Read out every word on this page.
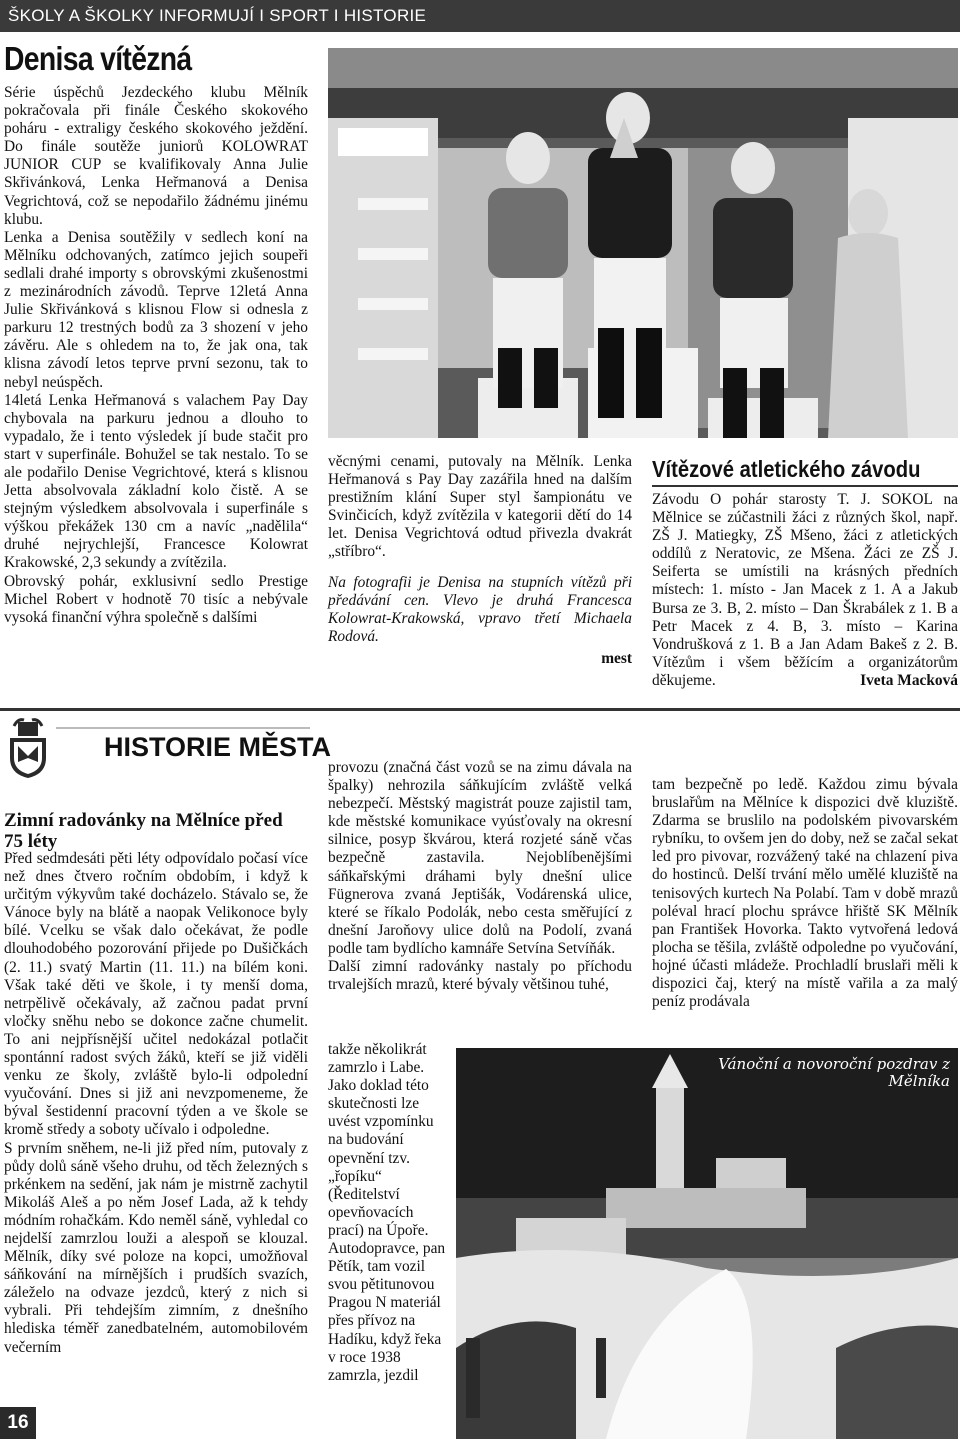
ŠKOLY A ŠKOLKY INFORMUJÍ I SPORT I HISTORIE
Denisa vítězná

Série úspěchů Jezdeckého klubu Mělník pokračovala při finále Českého skokového poháru - extraligy českého skokového ježdění. Do finále soutěže juniorů KOLOWRAT JUNIOR CUP se kvalifikovaly Anna Julie Skřivánková, Lenka Heřmanová a Denisa Vegrichtová, což se nepodařilo žádnému jinému klubu.

Lenka a Denisa soutěžily v sedlech koní na Mělníku odchovaných, zatímco jejich soupeři sedlali drahé importy s obrovskými zkušenostmi z mezinárodních závodů. Teprve 12letá Anna Julie Skřivánková s klisnou Flow si odnesla z parkuru 12 trestných bodů za 3 shození v jeho závěru. Ale s ohledem na to, že jak ona, tak klisna závodí letos teprve první sezonu, tak to nebyl neúspěch.

14letá Lenka Heřmanová s valachem Pay Day chybovala na parkuru jednou a dlouho to vypadalo, že i tento výsledek jí bude stačit pro start v superfinále. Bohužel se tak nestalo. To se ale podařilo Denise Vegrichtové, která s klisnou Jetta absolvovala základní kolo čistě. A se stejným výsledkem absolvovala i superfinále s výškou překážek 130 cm a navíc „nadělila“ druhé nejrychlejší, Francesce Kolowrat Krakowské, 2,3 sekundy a zvítězila.

Obrovský pohár, exklusivní sedlo Prestige Michel Robert v hodnotě 70 tisíc a nebývale vysoká finanční výhra společně s dalšími

věcnými cenami, putovaly na Mělník. Lenka Heřmanová s Pay Day zazářila hned na dalším prestižním klání Super styl šampionátu ve Svinčicích, když zvítězila v kategorii dětí do 14 let. Denisa Vegrichtová odtud přivezla dvakrát „stříbro“.

Na fotografii je Denisa na stupních vítězů při předávání cen. Vlevo je druhá Francesca Kolowrat-Krakowská, vpravo třetí Michaela Rodová.

mest

Vítězové atletického závodu

Závodu O pohár starosty T. J. SOKOL na Mělnice se zúčastnili žáci z různých škol, např. ZŠ J. Matiegky, ZŠ Mšeno, žáci z atletických oddílů z Neratovic, ze Mšena. Žáci ze ZŠ J. Seiferta se umístili na krásných předních místech: 1. místo - Jan Macek z 1. A a Jakub Bursa ze 3. B, 2. místo – Dan Škrabálek z 1. B a Petr Macek z 4. B, 3. místo – Karina Vondrušková z 1. B a Jan Adam Bakeš z 2. B. Vítězům i všem běžícím a organizátorům děkujeme.	Iveta Macková

HISTORIE MĚSTA
Zimní radovánky na Mělníce před 75 léty

Před sedmdesáti pěti léty odpovídalo počasí více než dnes čtvero ročním obdobím, i když k určitým výkyvům také docházelo. Stávalo se, že Vánoce byly na blátě a naopak Velikonoce byly bílé. Vcelku se však dalo očekávat, že podle dlouhodobého pozorování přijede po Dušičkách (2. 11.) svatý Martin (11. 11.) na bílém koni. Však také děti ve škole, i ty menší doma, netrpělivě očekávaly, až začnou padat první vločky sněhu nebo se dokonce začne chumelit. To ani nejpřísnější učitel nedokázal potlačit spontánní radost svých žáků, kteří se již viděli venku ze školy, zvláště bylo-li odpolední vyučování. Dnes si již ani nevzpomeneme, že býval šestidenní pracovní týden a ve škole se kromě středy a soboty učívalo i odpoledne.

S prvním sněhem, ne-li již před ním, putovaly z půdy dolů sáně všeho druhu, od těch železných s prkénkem na sedění, jak nám je mistrně zachytil Mikoláš Aleš a po něm Josef Lada, až k tehdy módním rohačkám. Kdo neměl sáně, vyhledal co nejdelší zamrzlou louži a alespoň se klouzal. Mělník, díky své poloze na kopci, umožňoval sáňkování na mírnějších i prudších svazích, záleželo na odvaze jezdců, který z nich si vybrali. Při tehdejším zimním, z dnešního hlediska téměř zanedbatelném, automobilovém večerním

provozu (značná část vozů se na zimu dávala na špalky) nehrozila sáňkujícím zvláště velká nebezpečí. Městský magistrát pouze zajistil tam, kde městské komunikace vyúsťovaly na okresní silnice, posyp škvárou, která rozjeté sáně včas bezpečně zastavila. Nejoblíbenějšími sáňkařskými dráhami byly dnešní ulice Fügnerova zvaná Jeptišák, Vodárenská ulice, které se říkalo Podolák, nebo cesta směřující z dnešní Jaroňovy ulice dolů na Podolí, zvaná podle tam bydlícho kamnáře Setvína Setvíňák.

Další zimní radovánky nastaly po příchodu trvalejších mrazů, které bývaly většinou tuhé,

takže několikrát zamrzlo i Labe. Jako doklad této skutečnosti lze uvést vzpomínku na budování opevnění tzv. „řopíku“ (Ředitelství opevňovacích prací) na Úpoře. Autodopravce, pan Pětík, tam vozil svou pětitunovou Pragou N materiál přes přívoz na Hadíku, když řeka v roce 1938 zamrzla, jezdil

tam bezpečně po ledě. Každou zimu bývala bruslařům na Mělníce k dispozici dvě kluziště. Zdarma se bruslilo na podolském pivovarském rybníku, to ovšem jen do doby, než se začal sekat led pro pivovar, rozvážený také na chlazení piva do hostinců. Delší trvání mělo umělé kluziště na tenisových kurtech Na Polabí. Tam v době mrazů poléval hrací plochu správce hřiště SK Mělník pan František Hovorka. Takto vytvořená ledová plocha se těšila, zvláště odpoledne po vyučování, hojné účasti mládeže. Prochladlí bruslaři měli k dispozici čaj, který na místě vařila a za malý peníz prodávala

Vánoční a novoroční pozdrav z Mělníka
16
